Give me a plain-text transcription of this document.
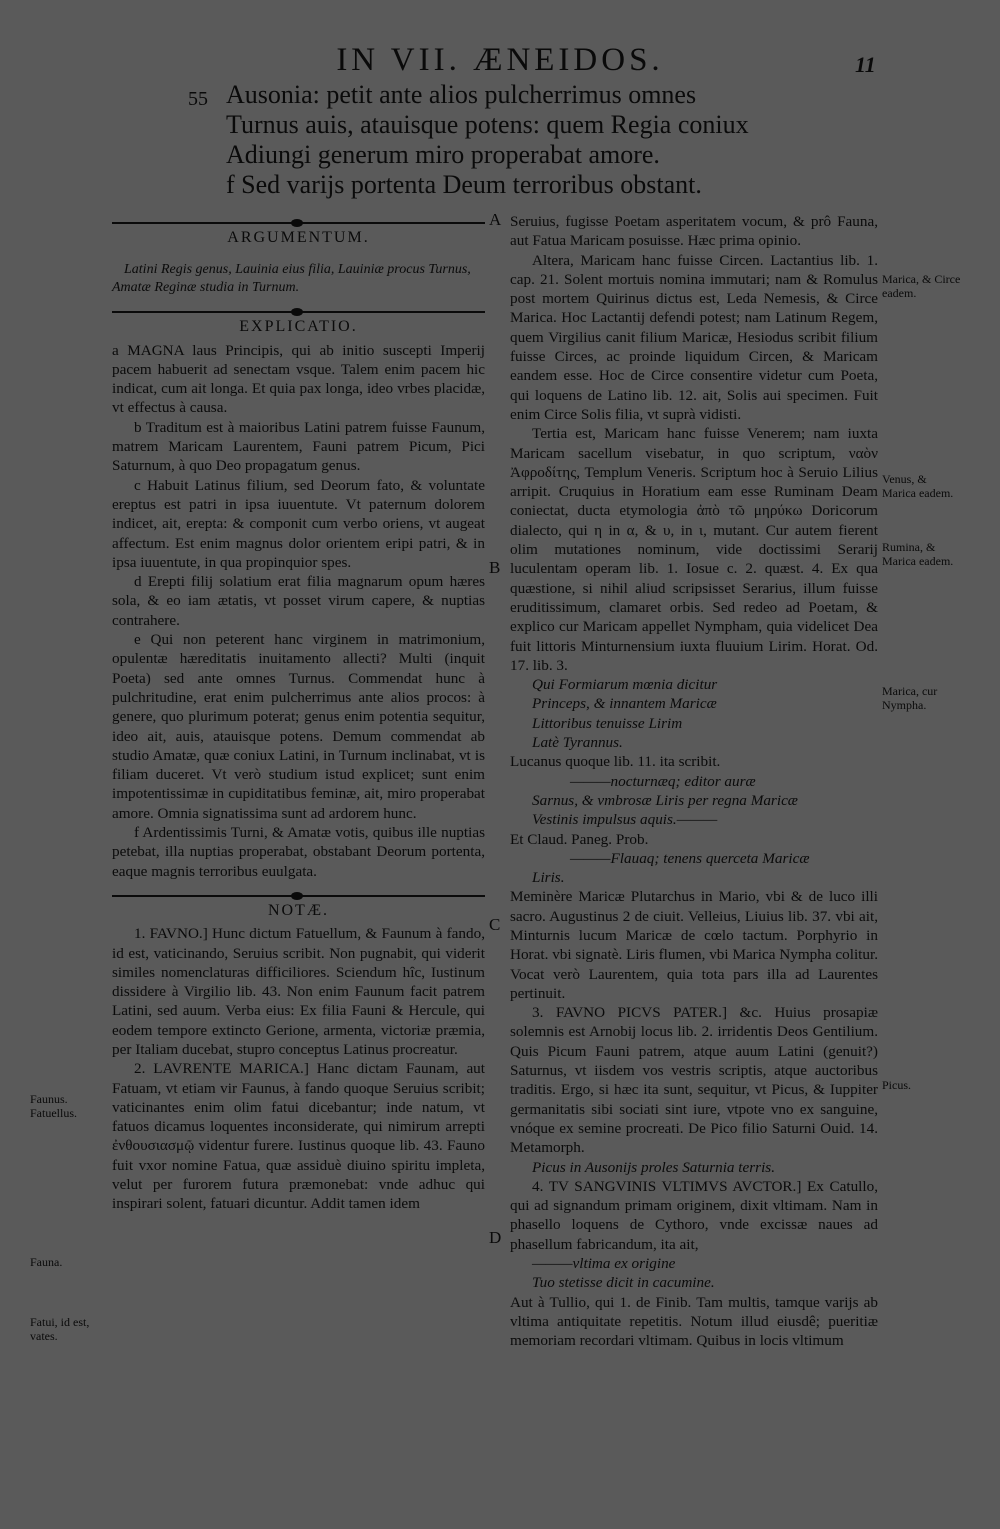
IN VII. ÆNEIDOS.	11
55 Ausonia: petit ante alios pulcherrimus omnes
Turnus auis, atauisque potens: quem Regia coniux
Adiungi generum miro properabat amore.
f Sed varijs portenta Deum terroribus obstant.
ARGUMENTUM.

Latini Regis genus, Lauinia eius filia, Lauiniæ procus Turnus, Amatæ Reginæ studia in Turnum.

EXPLICATIO.

a MAGNA laus Principis, qui ab initio suscepti Imperij pacem habuerit ad senectam vsque. Talem enim pacem hic indicat, cum ait longa. Et quia pax longa, ideo vrbes placidæ, vt effectus à causa.

b Traditum est à maioribus Latini patrem fuisse Faunum, matrem Maricam Laurentem, Fauni patrem Picum, Pici Saturnum, à quo Deo propagatum genus.

c Habuit Latinus filium, sed Deorum fato, & voluntate ereptus est patri in ipsa iuuentute. Vt paternum dolorem indicet, ait, erepta: & componit cum verbo oriens, vt augeat affectum. Est enim magnus dolor orientem eripi patri, & in ipsa iuuentute, in qua propinquior spes.

d Erepti filij solatium erat filia magnarum opum hæres sola, & eo iam ætatis, vt posset virum capere, & nuptias contrahere.

e Qui non peterent hanc virginem in matrimonium, opulentæ hæreditatis inuitamento allecti? Multi (inquit Poeta) sed ante omnes Turnus. Commendat hunc à pulchritudine, erat enim pulcherrimus ante alios procos: à genere, quo plurimum poterat; genus enim potentia sequitur, ideo ait, auis, atauisque potens. Demum commendat ab studio Amatæ, quæ coniux Latini, in Turnum inclinabat, vt is filiam duceret. Vt verò studium istud explicet; sunt enim impotentissimæ in cupiditatibus feminæ, ait, miro properabat amore. Omnia signatissima sunt ad ardorem hunc.

f Ardentissimis Turni, & Amatæ votis, quibus ille nuptias petebat, illa nuptias properabat, obstabant Deorum portenta, eaque magnis terroribus euulgata.

NOTÆ.

1. FAVNO.] Hunc dictum Fatuellum, & Faunum à fando, id est, vaticinando, Seruius scribit. Non pugnabit, qui viderit similes nomenclaturas difficiliores. Sciendum hîc, Iustinum dissidere à Virgilio lib. 43. Non enim Faunum facit patrem Latini, sed auum. Verba eius: Ex filia Fauni & Hercule, qui eodem tempore extincto Gerione, armenta, victoriæ præmia, per Italiam ducebat, stupro conceptus Latinus procreatur.

2. LAVRENTE MARICA.] Hanc dictam Faunam, aut Fatuam, vt etiam vir Faunus, à fando quoque Seruius scribit; vaticinantes enim olim fatui dicebantur; inde natum, vt fatuos dicamus loquentes inconsiderate, qui nimirum arrepti ἐνθουσιασμῷ videntur furere. Iustinus quoque lib. 43. Fauno fuit vxor nomine Fatua, quæ assiduè diuino spiritu impleta, velut per furorem futura præmonebat: vnde adhuc qui inspirari solent, fatuari dicuntur. Addit tamen idem

Faunus. Fatuellus.
Fauna.
Fatui, id est, vates.

Seruius, fugisse Poetam asperitatem vocum, & prô Fauna, aut Fatua Maricam posuisse. Hæc prima opinio.

Altera, Maricam hanc fuisse Circen. Lactantius lib. 1. cap. 21. Solent mortuis nomina immutari; nam & Romulus post mortem Quirinus dictus est, Leda Nemesis, & Circe Marica. Hoc Lactantij defendi potest; nam Latinum Regem, quem Virgilius canit filium Maricæ, Hesiodus scribit filium fuisse Circes, ac proinde liquidum Circen, & Maricam eandem esse. Hoc de Circe consentire videtur cum Poeta, qui loquens de Latino lib. 12. ait, Solis aui specimen. Fuit enim Circe Solis filia, vt suprà vidisti.

Tertia est, Maricam hanc fuisse Venerem; nam iuxta Maricam sacellum visebatur, in quo scriptum, ναὸν Ἀφροδίτης, Templum Veneris. Scriptum hoc à Seruio Lilius arripit. Cruquius in Horatium eam esse Ruminam Deam coniectat, ducta etymologia ἀπὸ τῶ μηρύκω Doricorum dialecto, qui η in α, & υ, in ι, mutant. Cur autem fierent olim mutationes nominum, vide doctissimi Serarij luculentam operam lib. 1. Iosue c. 2. quæst. 4. Ex qua quæstione, si nihil aliud scripsisset Serarius, illum fuisse eruditissimum, clamaret orbis. Sed redeo ad Poetam, & explico cur Maricam appellet Nympham, quia videlicet Dea fuit littoris Minturnensium iuxta fluuium Lirim. Horat. Od. 17. lib. 3.

Qui Formiarum mœnia dicitur
Princeps, & innantem Maricæ
Littoribus tenuisse Lirim
Latè Tyrannus.

Lucanus quoque lib. 11. ita scribit.

———nocturnæq; editor auræ
Sarnus, & vmbrosæ Liris per regna Maricæ
Vestinis impulsus aquis.———

Et Claud. Paneg. Prob.

———Flauaq; tenens querceta Maricæ
Liris.

Meminère Maricæ Plutarchus in Mario, vbi & de luco illi sacro. Augustinus 2 de ciuit. Velleius, Liuius lib. 37. vbi ait, Minturnis lucum Maricæ de cœlo tactum. Porphyrio in Horat. vbi signatè. Liris flumen, vbi Marica Nympha colitur. Vocat verò Laurentem, quia tota pars illa ad Laurentes pertinuit.

3. FAVNO PICVS PATER.] &c. Huius prosapiæ solemnis est Arnobij locus lib. 2. irridentis Deos Gentilium. Quis Picum Fauni patrem, atque auum Latini (genuit?) Saturnus, vt iisdem vos vestris scriptis, atque auctoribus traditis. Ergo, si hæc ita sunt, sequitur, vt Picus, & Iuppiter germanitatis sibi sociati sint iure, vtpote vno ex sanguine, vnóque ex semine procreati. De Pico filio Saturni Ouid. 14. Metamorph.

Picus in Ausonijs proles Saturnia terris.

4. TV SANGVINIS VLTIMVS AVCTOR.] Ex Catullo, qui ad signandum primam originem, dixit vltimam. Nam in phasello loquens de Cythoro, vnde excissæ naues ad phasellum fabricandum, ita ait,

———vltima ex origine
Tuo stetisse dicit in cacumine.

Aut à Tullio, qui 1. de Finib. Tam multis, tamque varijs ab vltima antiquitate repetitis. Notum illud eiusdê; pueritiæ memoriam recordari vltimam. Quibus in locis vltimum

Marica, & Circe eadem.
Venus, & Marica eadem.
Rumina, & Marica eadem.
Marica, cur Nympha.
Picus.
A
B
C
D
